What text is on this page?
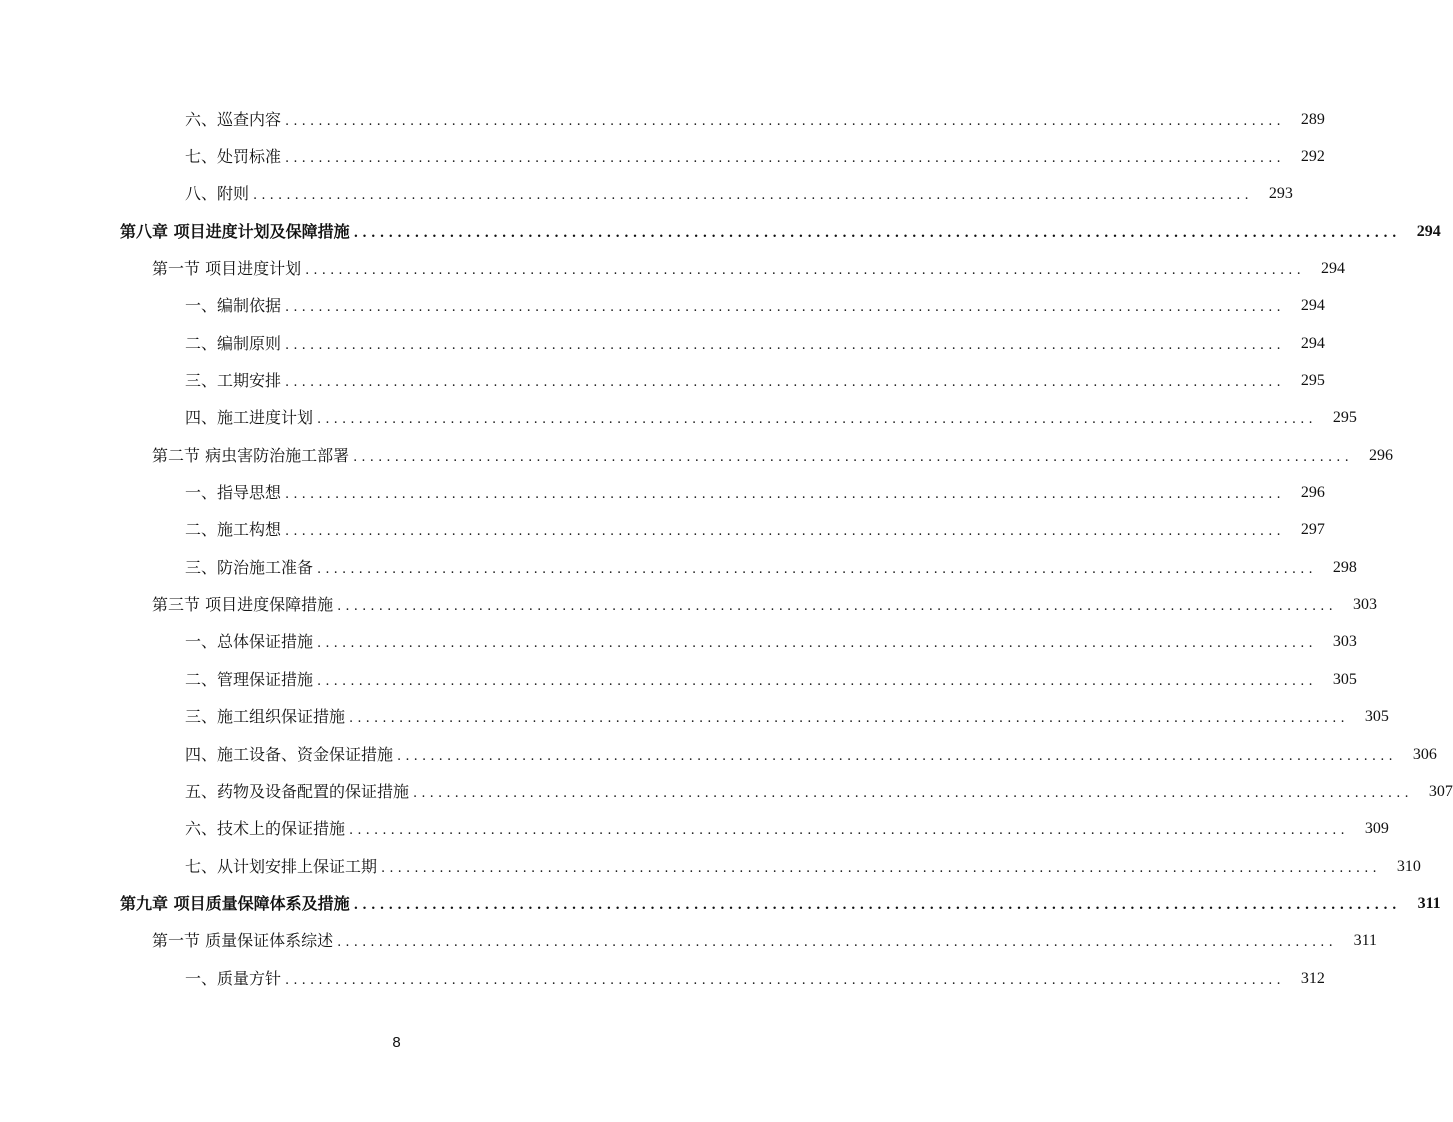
六、巡查内容 ........................................................................................................................	289
七、处罚标准 ........................................................................................................................	292
八、附则 ........................................................................................................................	293
第八章 项目进度计划及保障措施 ........................................................................................................................	294
第一节 项目进度计划 ........................................................................................................................	294
一、编制依据 ........................................................................................................................	294
二、编制原则 ........................................................................................................................	294
三、工期安排 ........................................................................................................................	295
四、施工进度计划 ........................................................................................................................	295
第二节 病虫害防治施工部署 ........................................................................................................................	296
一、指导思想 ........................................................................................................................	296
二、施工构想 ........................................................................................................................	297
三、防治施工准备 ........................................................................................................................	298
第三节 项目进度保障措施 ........................................................................................................................	303
一、总体保证措施 ........................................................................................................................	303
二、管理保证措施 ........................................................................................................................	305
三、施工组织保证措施 ........................................................................................................................	305
四、施工设备、资金保证措施 ........................................................................................................................	306
五、药物及设备配置的保证措施 ........................................................................................................................	307
六、技术上的保证措施 ........................................................................................................................	309
七、从计划安排上保证工期 ........................................................................................................................	310
第九章 项目质量保障体系及措施 ........................................................................................................................	311
第一节 质量保证体系综述 ........................................................................................................................	311
一、质量方针 ........................................................................................................................	312
8
